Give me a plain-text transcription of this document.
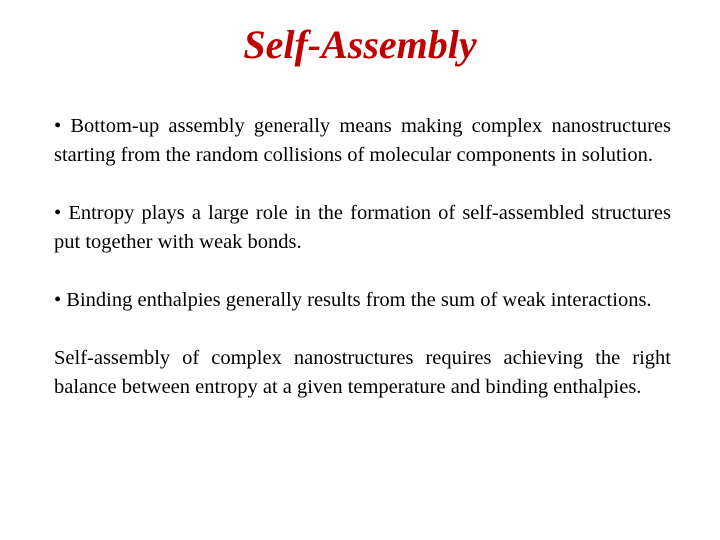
Self-Assembly

• Bottom-up assembly generally means making complex nanostructures starting from the random collisions of molecular components in solution.

• Entropy plays a large role in the formation of self-assembled structures put together with weak bonds.

• Binding enthalpies generally results from the sum of weak interactions.

Self-assembly of complex nanostructures requires achieving the right balance between entropy at a given temperature and binding enthalpies.
